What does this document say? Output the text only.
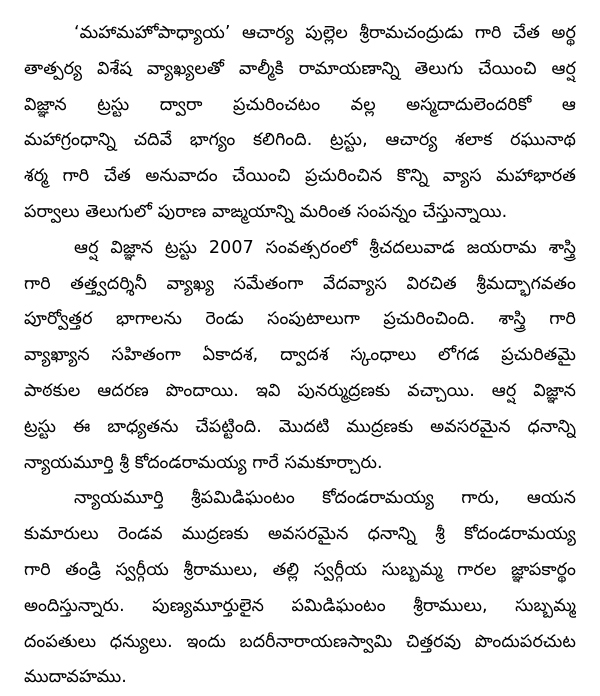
‘మహామహోపాధ్యాయ’ ఆచార్య పుల్లెల శ్రీరామచంద్రుడు గారి చేత అర్థ
తాత్పర్య విశేష వ్యాఖ్యలతో వాల్మీకి రామాయణాన్ని తెలుగు చేయించి ఆర్ష
విజ్ఞాన ట్రస్టు ద్వారా ప్రచురించటం వల్ల అస్మదాదులెందరికో ఆ
మహాగ్రంధాన్ని చదివే భాగ్యం కలిగింది. ట్రస్టు, ఆచార్య శలాక రఘునాథ
శర్మ గారి చేత అనువాదం చేయించి ప్రచురించిన కొన్ని వ్యాస మహాభారత
పర్వాలు తెలుగులో పురాణ వాఙ్మయాన్ని మరింత సంపన్నం చేస్తున్నాయి.
ఆర్ష విజ్ఞాన ట్రస్టు 2007 సంవత్సరంలో శ్రీచదలువాడ జయరామ శాస్త్రి
గారి తత్త్వదర్శినీ వ్యాఖ్య సమేతంగా వేదవ్యాస విరచిత శ్రీమద్భాగవతం
పూర్వోత్తర భాగాలను రెండు సంపుటాలుగా ప్రచురించింది. శాస్త్రి గారి
వ్యాఖ్యాన సహితంగా ఏకాదశ, ద్వాదశ స్కంధాలు లోగడ ప్రచురితమై
పాఠకుల ఆదరణ పొందాయి. ఇవి పునర్ముద్రణకు వచ్చాయి. ఆర్ష విజ్ఞాన
ట్రస్టు ఈ బాధ్యతను చేపట్టింది. మొదటి ముద్రణకు అవసరమైన ధనాన్ని
న్యాయమూర్తి శ్రీ కోదండరామయ్య గారే సమకూర్చారు.
న్యాయమూర్తి శ్రీపమిడిఘంటం కోదండరామయ్య గారు, ఆయన
కుమారులు రెండవ ముద్రణకు అవసరమైన ధనాన్ని శ్రీ కోదండరామయ్య
గారి తండ్రి స్వర్గీయ శ్రీరాములు, తల్లి స్వర్గీయ సుబ్బమ్మ గారల జ్ఞాపకార్థం
అందిస్తున్నారు. పుణ్యమూర్తులైన పమిడిఘంటం శ్రీరాములు, సుబ్బమ్మ
దంపతులు ధన్యులు. ఇందు బదరీనారాయణస్వామి చిత్తరవు పొందుపరచుట
ముదావహము.
